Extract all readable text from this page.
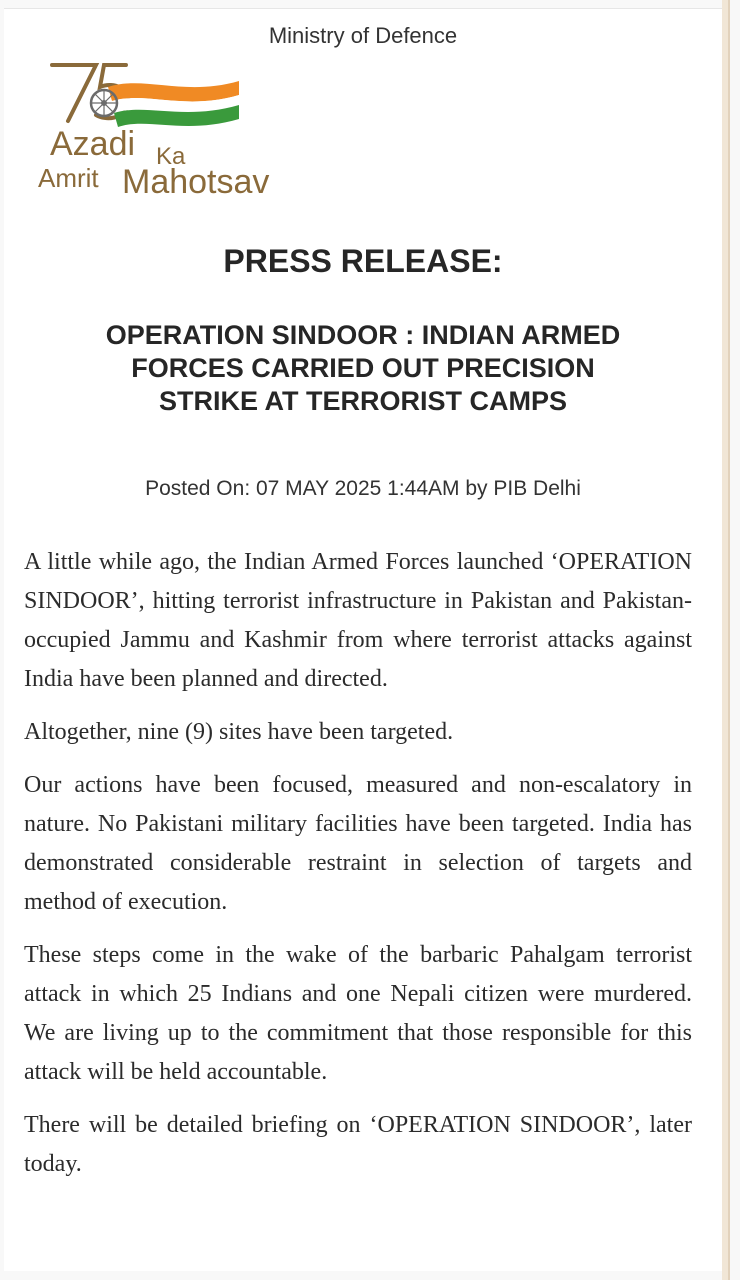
Ministry of Defence
Azadi Ka
Amrit Mahotsav
PRESS RELEASE:
OPERATION SINDOOR : INDIAN ARMED
FORCES CARRIED OUT PRECISION
STRIKE AT TERRORIST CAMPS
Posted On: 07 MAY 2025 1:44AM by PIB Delhi

A little while ago, the Indian Armed Forces launched ‘OPERATION SINDOOR’, hitting terrorist infrastructure in Pakistan and Pakistan-occupied Jammu and Kashmir from where terrorist attacks against India have been planned and directed.

Altogether, nine (9) sites have been targeted.

Our actions have been focused, measured and non-escalatory in nature. No Pakistani military facilities have been targeted. India has demonstrated considerable restraint in selection of targets and method of execution.

These steps come in the wake of the barbaric Pahalgam terrorist attack in which 25 Indians and one Nepali citizen were murdered. We are living up to the commitment that those responsible for this attack will be held accountable.

There will be detailed briefing on ‘OPERATION SINDOOR’, later today.
